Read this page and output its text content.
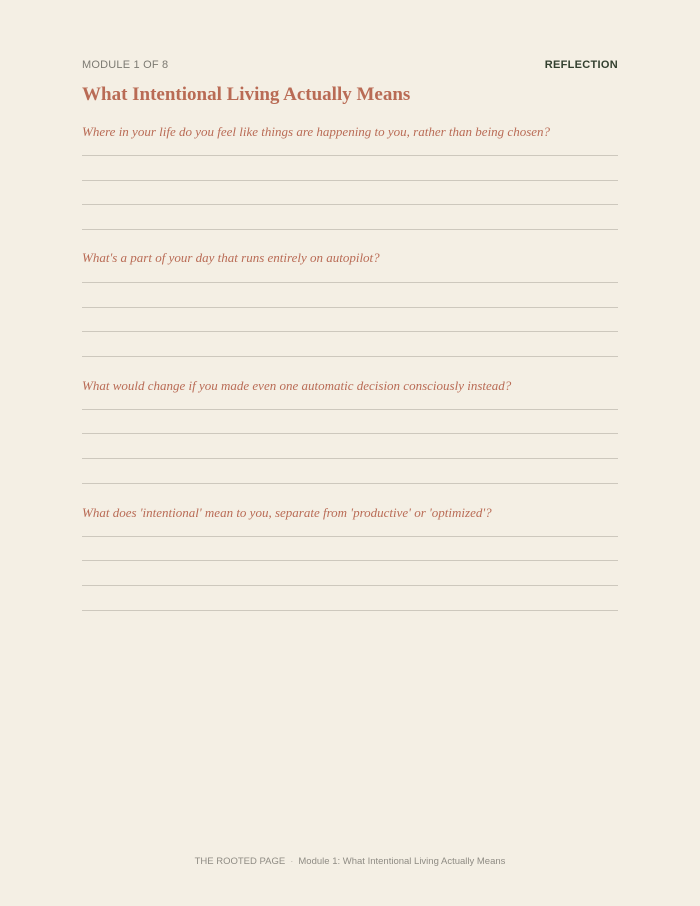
MODULE 1 OF 8	REFLECTION
What Intentional Living Actually Means
Where in your life do you feel like things are happening to you, rather than being chosen?
What's a part of your day that runs entirely on autopilot?
What would change if you made even one automatic decision consciously instead?
What does 'intentional' mean to you, separate from 'productive' or 'optimized'?
THE ROOTED PAGE · Module 1: What Intentional Living Actually Means
